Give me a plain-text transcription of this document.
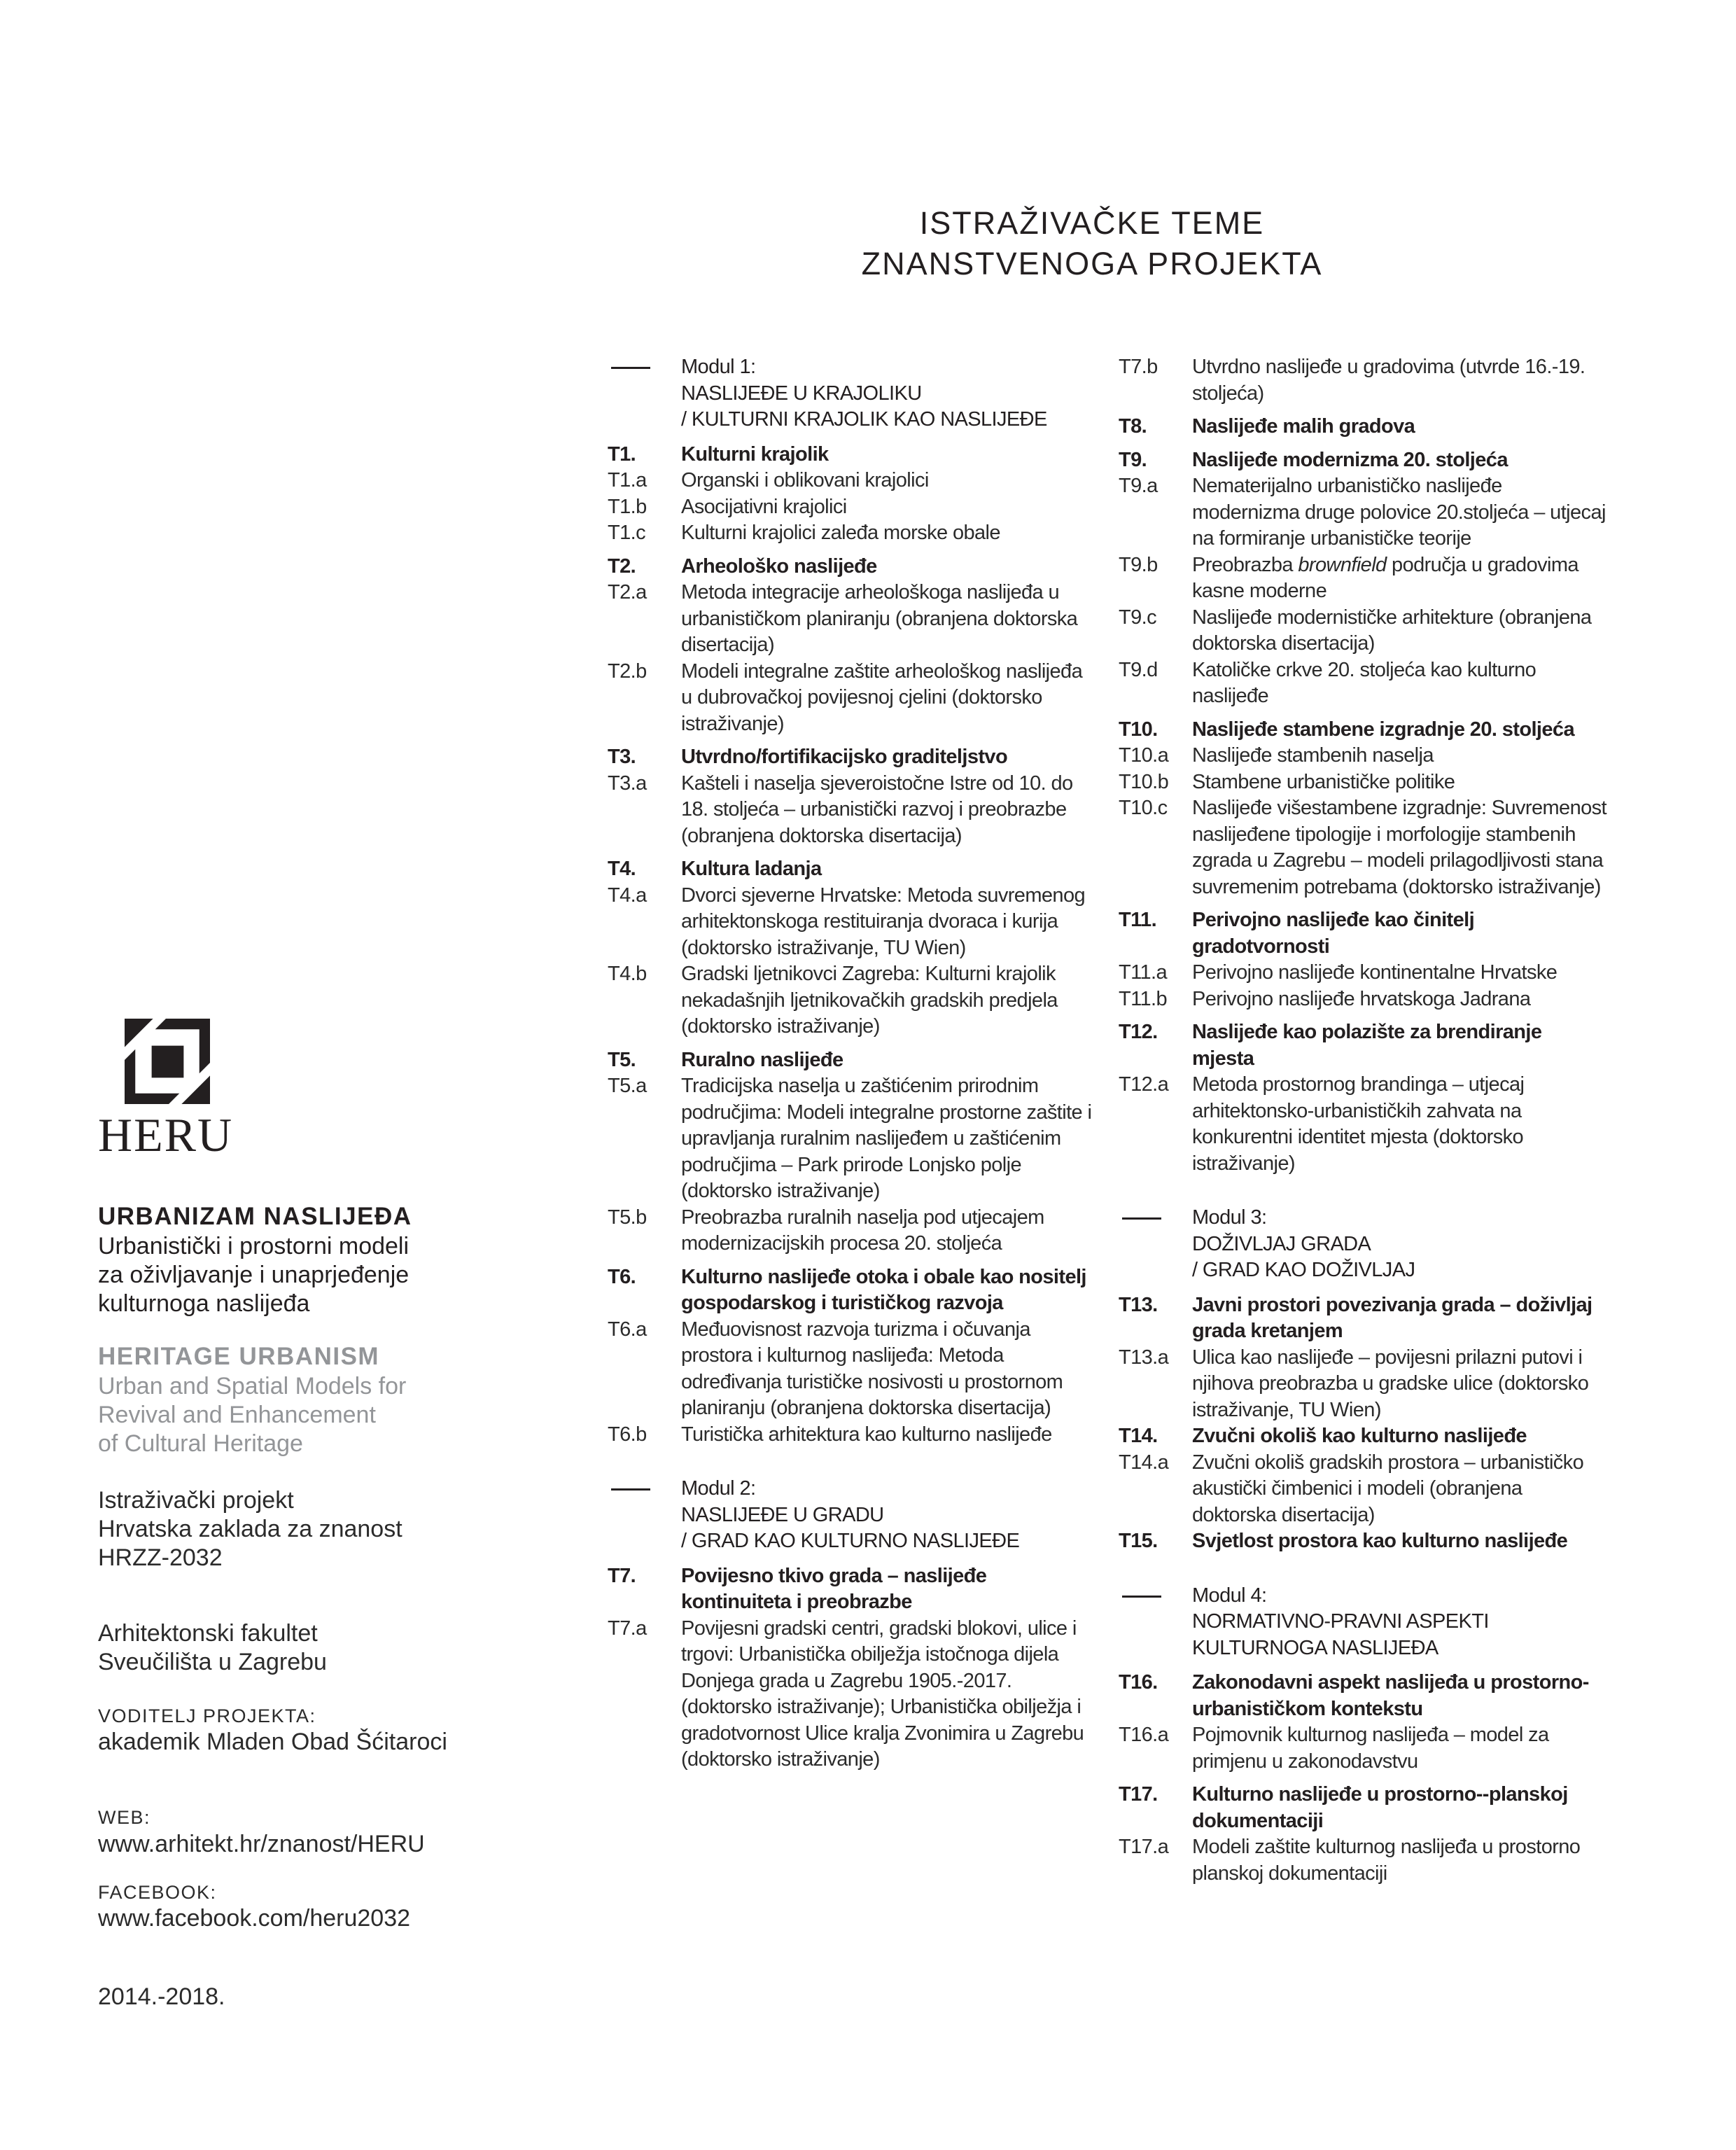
ISTRAŽIVAČKE TEME
ZNANSTVENOGA PROJEKTA
HERU
URBANIZAM NASLIJEĐA
Urbanistički i prostorni modeli
za oživljavanje i unaprjeđenje
kulturnoga naslijeđa
HERITAGE URBANISM
Urban and Spatial Models for
Revival and Enhancement
of Cultural Heritage
Istraživački projekt
Hrvatska zaklada za znanost
HRZZ-2032
Arhitektonski fakultet
Sveučilišta u Zagrebu
VODITELJ PROJEKTA:
akademik Mladen Obad Šćitaroci
WEB:
www.arhitekt.hr/znanost/HERU
FACEBOOK:
www.facebook.com/heru2032
2014.-2018.
Modul 1:
NASLIJEĐE U KRAJOLIKU
/ KULTURNI KRAJOLIK KAO NASLIJEĐE
T1.	Kulturni krajolik
T1.a	Organski i oblikovani krajolici
T1.b	Asocijativni krajolici
T1.c	Kulturni krajolici zaleđa morske obale
T2.	Arheološko naslijeđe
T2.a	Metoda integracije arheološkoga naslijeđa u urbanističkom planiranju (obranjena doktorska disertacija)
T2.b	Modeli integralne zaštite arheološkog naslijeđa u dubrovačkoj povijesnoj cjelini (doktorsko istraživanje)
T3.	Utvrdno/fortifikacijsko graditeljstvo
T3.a	Kašteli i naselja sjeveroistočne Istre od 10. do 18. stoljeća – urbanistički razvoj i preobrazbe (obranjena doktorska disertacija)
T4.	Kultura ladanja
T4.a	Dvorci sjeverne Hrvatske: Metoda suvremenog arhitektonskoga restituiranja dvoraca i kurija (doktorsko istraživanje, TU Wien)
T4.b	Gradski ljetnikovci Zagreba: Kulturni krajolik nekadašnjih ljetnikovačkih gradskih predjela (doktorsko istraživanje)
T5.	Ruralno naslijeđe
T5.a	Tradicijska naselja u zaštićenim prirodnim područjima: Modeli integralne prostorne zaštite i upravljanja ruralnim naslijeđem u zaštićenim područjima – Park prirode Lonjsko polje (doktorsko istraživanje)
T5.b	Preobrazba ruralnih naselja pod utjecajem modernizacijskih procesa 20. stoljeća
T6.	Kulturno naslijeđe otoka i obale kao nositelj gospodarskog i turističkog razvoja
T6.a	Međuovisnost razvoja turizma i očuvanja prostora i kulturnog naslijeđa: Metoda određivanja turističke nosivosti u prostornom planiranju (obranjena doktorska disertacija)
T6.b	Turistička arhitektura kao kulturno naslijeđe
Modul 2:
NASLIJEĐE U GRADU
/ GRAD KAO KULTURNO NASLIJEĐE
T7.	Povijesno tkivo grada – naslijeđe kontinuiteta i preobrazbe
T7.a	Povijesni gradski centri, gradski blokovi, ulice i trgovi: Urbanistička obilježja istočnoga dijela Donjega grada u Zagrebu 1905.-2017. (doktorsko istraživanje); Urbanistička obilježja i gradotvornost Ulice kralja Zvonimira u Zagrebu (doktorsko istraživanje)
T7.b	Utvrdno naslijeđe u gradovima (utvrde 16.-19. stoljeća)
T8.	Naslijeđe malih gradova
T9.	Naslijeđe modernizma 20. stoljeća
T9.a	Nematerijalno urbanističko naslijeđe modernizma druge polovice 20.stoljeća – utjecaj na formiranje urbanističke teorije
T9.b	Preobrazba brownfield područja u gradovima kasne moderne
T9.c	Naslijeđe modernističke arhitekture (obranjena doktorska disertacija)
T9.d	Katoličke crkve 20. stoljeća kao kulturno naslijeđe
T10.	Naslijeđe stambene izgradnje 20. stoljeća
T10.a	Naslijeđe stambenih naselja
T10.b	Stambene urbanističke politike
T10.c	Naslijeđe višestambene izgradnje: Suvremenost naslijeđene tipologije i morfologije stambenih zgrada u Zagrebu – modeli prilagodljivosti stana suvremenim potrebama (doktorsko istraživanje)
T11.	Perivojno naslijeđe kao činitelj gradotvornosti
T11.a	Perivojno naslijeđe kontinentalne Hrvatske
T11.b	Perivojno naslijeđe hrvatskoga Jadrana
T12.	Naslijeđe kao polazište za brendiranje mjesta
T12.a	Metoda prostornog brandinga – utjecaj arhitektonsko-urbanističkih zahvata na konkurentni identitet mjesta (doktorsko istraživanje)
Modul 3:
DOŽIVLJAJ GRADA
/ GRAD KAO DOŽIVLJAJ
T13.	Javni prostori povezivanja grada – doživljaj grada kretanjem
T13.a	Ulica kao naslijeđe – povijesni prilazni putovi i njihova preobrazba u gradske ulice (doktorsko istraživanje, TU Wien)
T14.	Zvučni okoliš kao kulturno naslijeđe
T14.a	Zvučni okoliš gradskih prostora – urbanističko akustički čimbenici i modeli (obranjena doktorska disertacija)
T15.	Svjetlost prostora kao kulturno naslijeđe
Modul 4:
NORMATIVNO-PRAVNI ASPEKTI
KULTURNOGA NASLIJEĐA
T16.	Zakonodavni aspekt naslijeđa u prostorno-urbanističkom kontekstu
T16.a	Pojmovnik kulturnog naslijeđa – model za primjenu u zakonodavstvu
T17.	Kulturno naslijeđe u prostorno--planskoj dokumentaciji
T17.a	Modeli zaštite kulturnog naslijeđa u prostorno planskoj dokumentaciji
